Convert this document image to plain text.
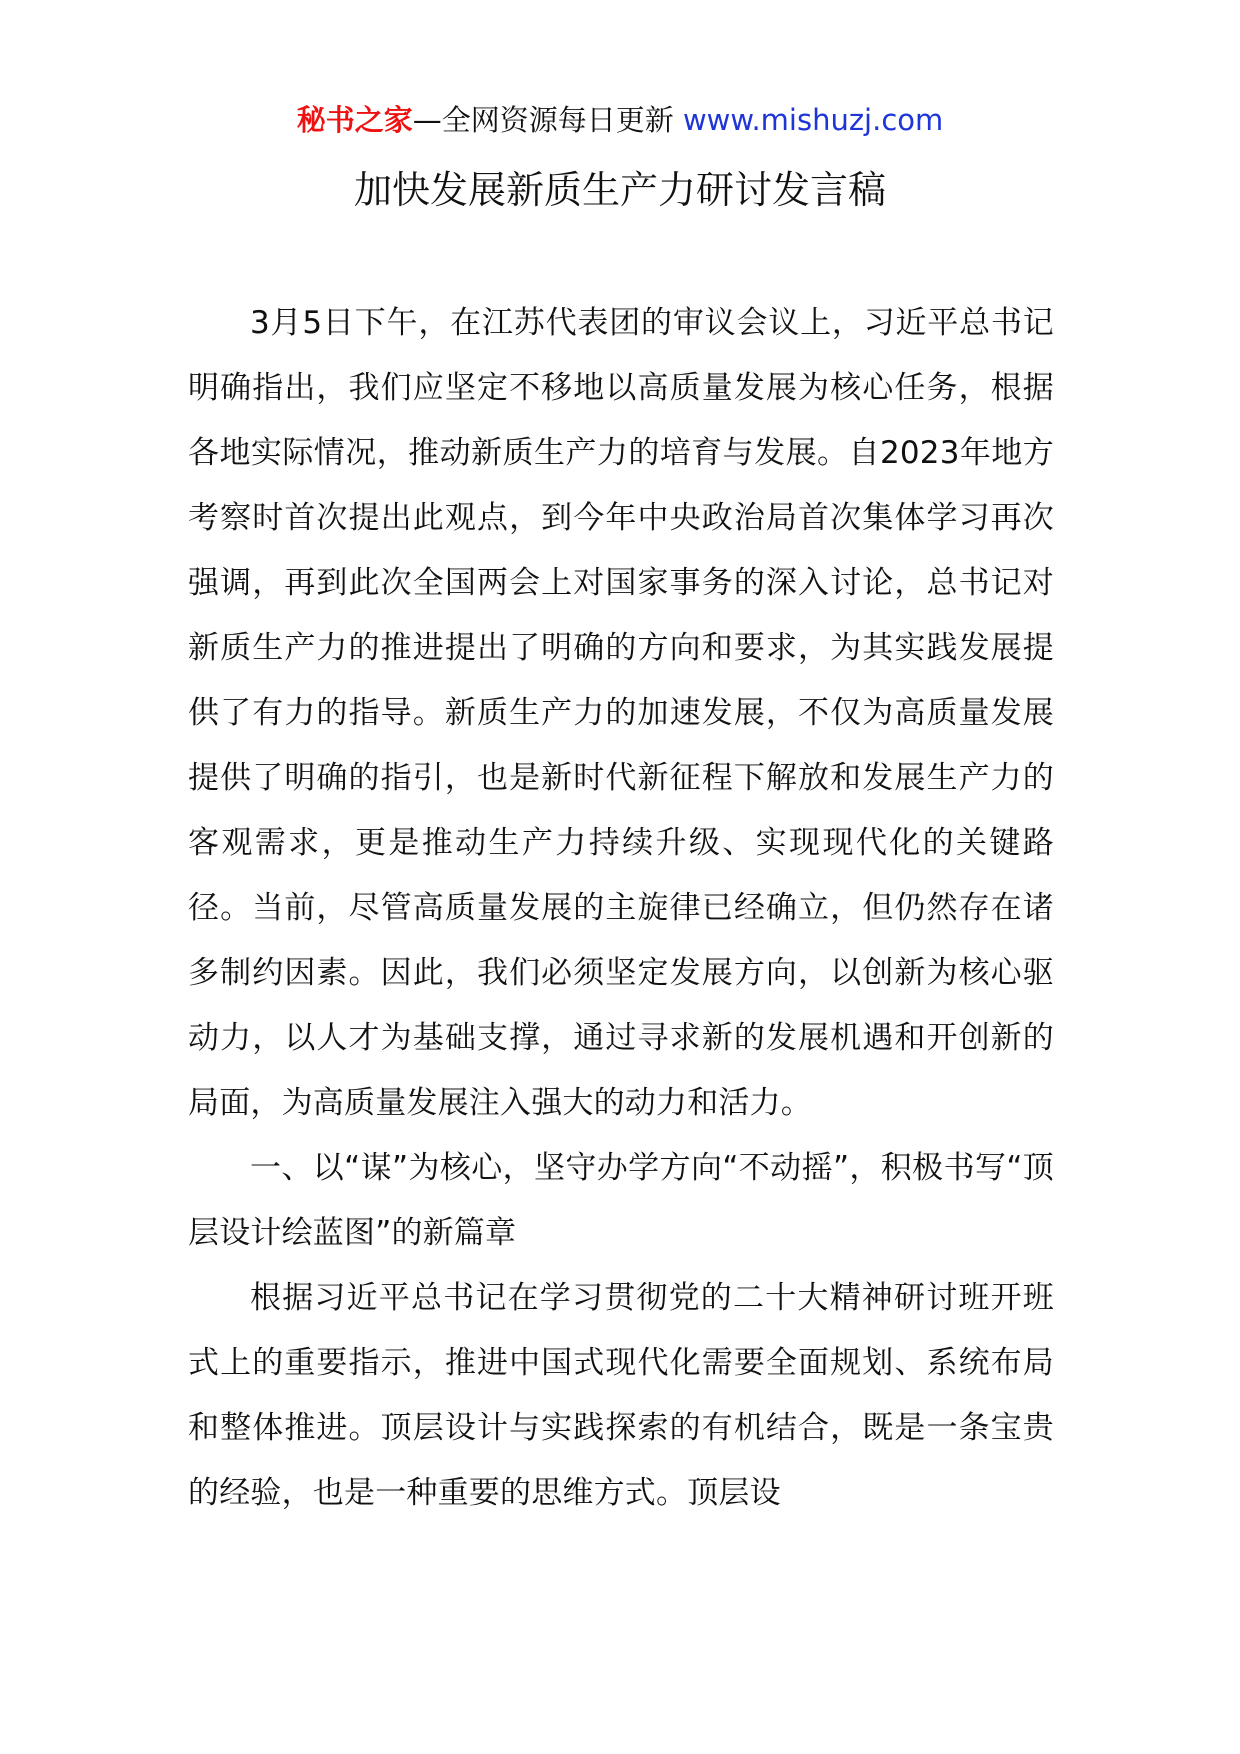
秘书之家—全网资源每日更新 www.mishuzj.com
加快发展新质生产力研讨发言稿

3月5日下午，在江苏代表团的审议会议上，习近平总书记明确指出，我们应坚定不移地以高质量发展为核心任务，根据各地实际情况，推动新质生产力的培育与发展。自2023年地方考察时首次提出此观点，到今年中央政治局首次集体学习再次强调，再到此次全国两会上对国家事务的深入讨论，总书记对新质生产力的推进提出了明确的方向和要求，为其实践发展提供了有力的指导。新质生产力的加速发展，不仅为高质量发展提供了明确的指引，也是新时代新征程下解放和发展生产力的客观需求，更是推动生产力持续升级、实现现代化的关键路径。当前，尽管高质量发展的主旋律已经确立，但仍然存在诸多制约因素。因此，我们必须坚定发展方向，以创新为核心驱动力，以人才为基础支撑，通过寻求新的发展机遇和开创新的局面，为高质量发展注入强大的动力和活力。

一、以“谋”为核心，坚守办学方向“不动摇”，积极书写“顶层设计绘蓝图”的新篇章

根据习近平总书记在学习贯彻党的二十大精神研讨班开班式上的重要指示，推进中国式现代化需要全面规划、系统布局和整体推进。顶层设计与实践探索的有机结合，既是一条宝贵的经验，也是一种重要的思维方式。顶层设
